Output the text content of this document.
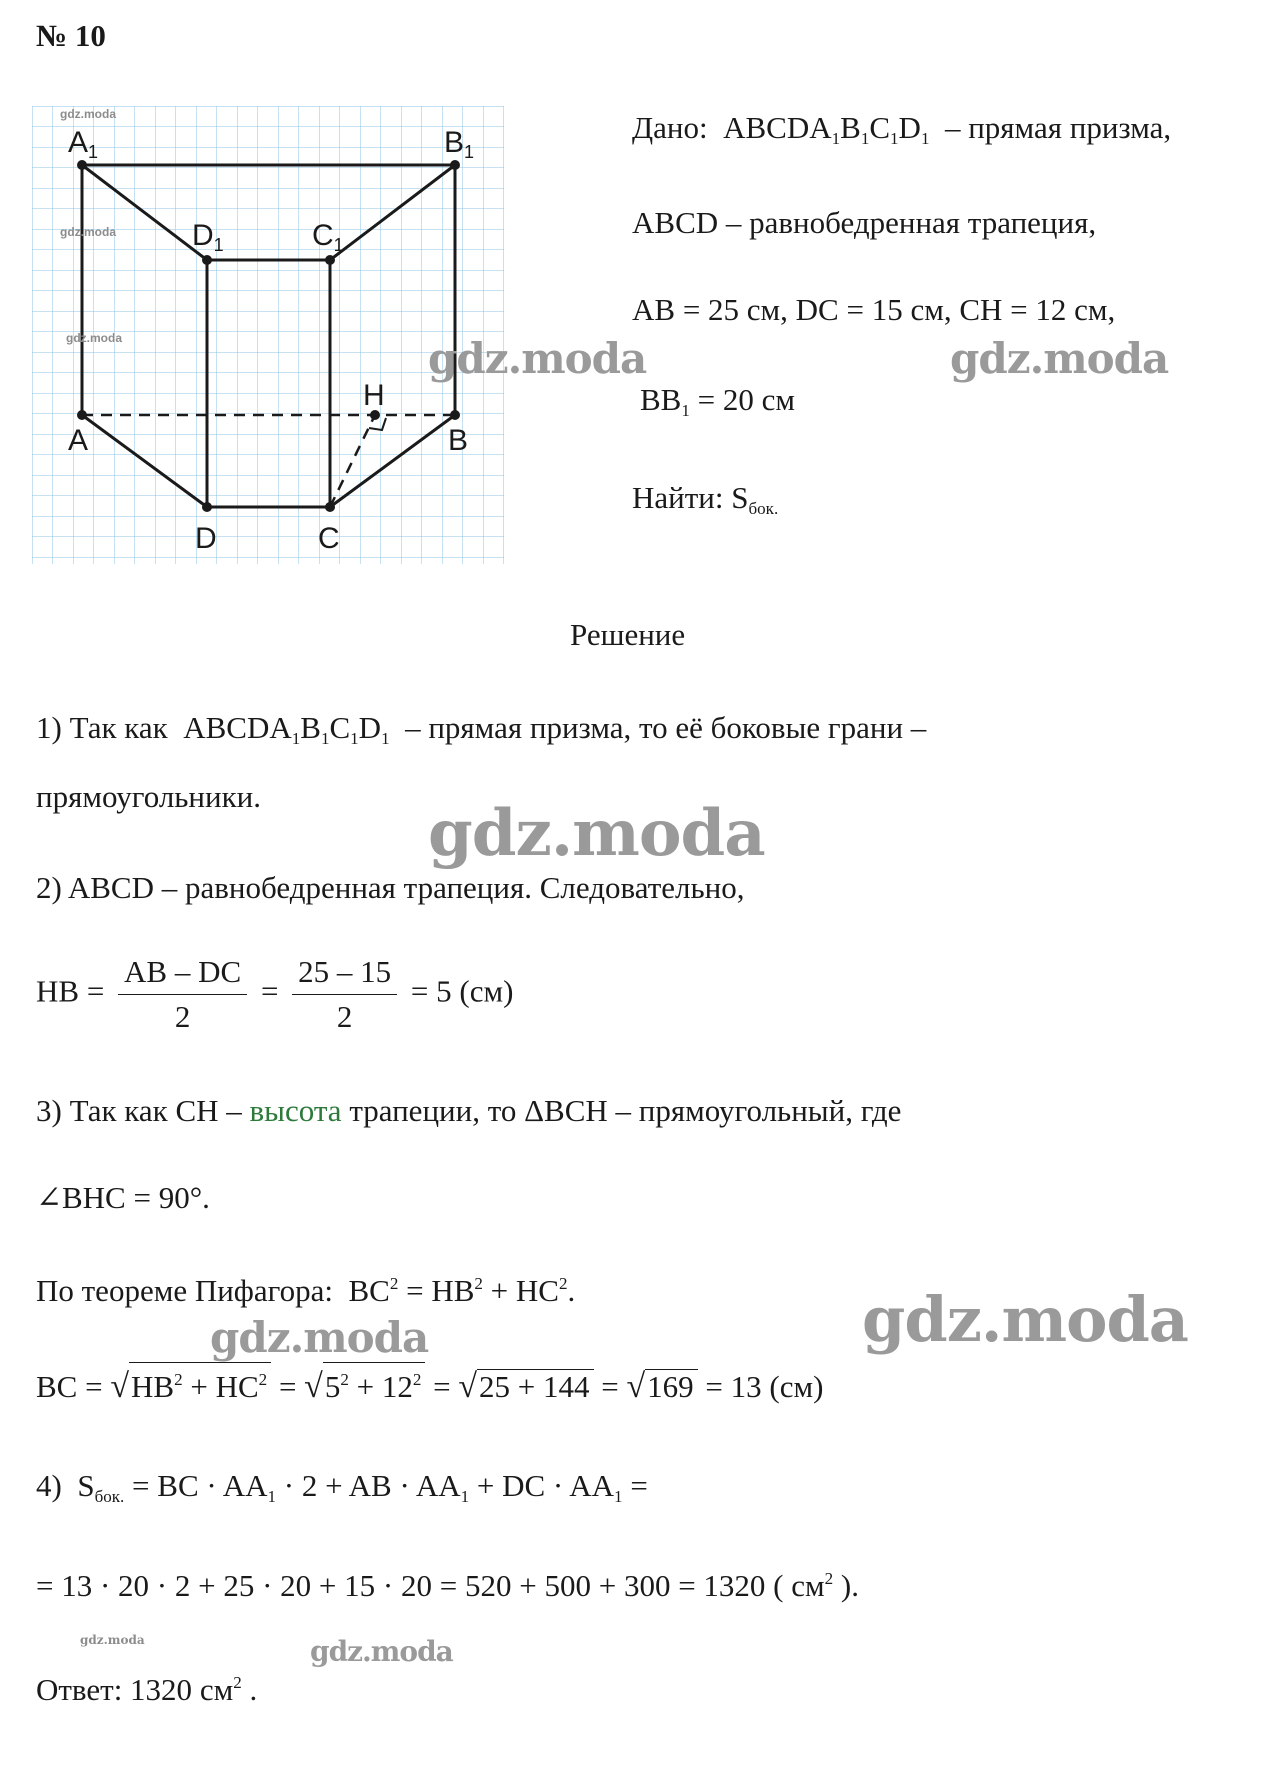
№ 10
$A_1$	$B_1$
$D_1$	$C_1$
A	B
H
D	C
gdz.moda
gdz.moda
gdz.moda
Дано: $ABCDA_1B_1C_1D_1$ – прямая призма,
ABCD – равнобедренная трапеция,
AB = 25 см, DC = 15 см, CH = 12 см,
$BB_1 = 20$ см
Найти: $S_{бок.}$
Решение
1) Так как $ABCDA_1B_1C_1D_1$ – прямая призма, то её боковые грани –
прямоугольники.
2) ABCD – равнобедренная трапеция. Следовательно,
HB = $\frac{AB - DC}{2} = \frac{25 - 15}{2} = 5$ (см)
3) Так как CH – высота трапеции, то ΔBCH – прямоугольный, где
∠BHC = 90°.
По теореме Пифагора: $BC^2 = HB^2 + HC^2$.
BC = $√HB^2 + HC^2 = √5^2 + 12^2 = √25 + 144 = √169 = 13$ (см)
4) $S_{бок.}$ = BC · $AA_1 \cdot 2$ + AB · $AA_1$ + DC · $AA_1$ =
= 13 · 20 · 2 + 25 · 20 + 15 · 20 = 520 + 500 + 300 = 1320 ( $см^2$ ).
Ответ: 1320 $см^2$ .
gdz.moda	gdz.moda
gdz.moda
gdz.moda
gdz.moda
gdz.moda
gdz.moda
